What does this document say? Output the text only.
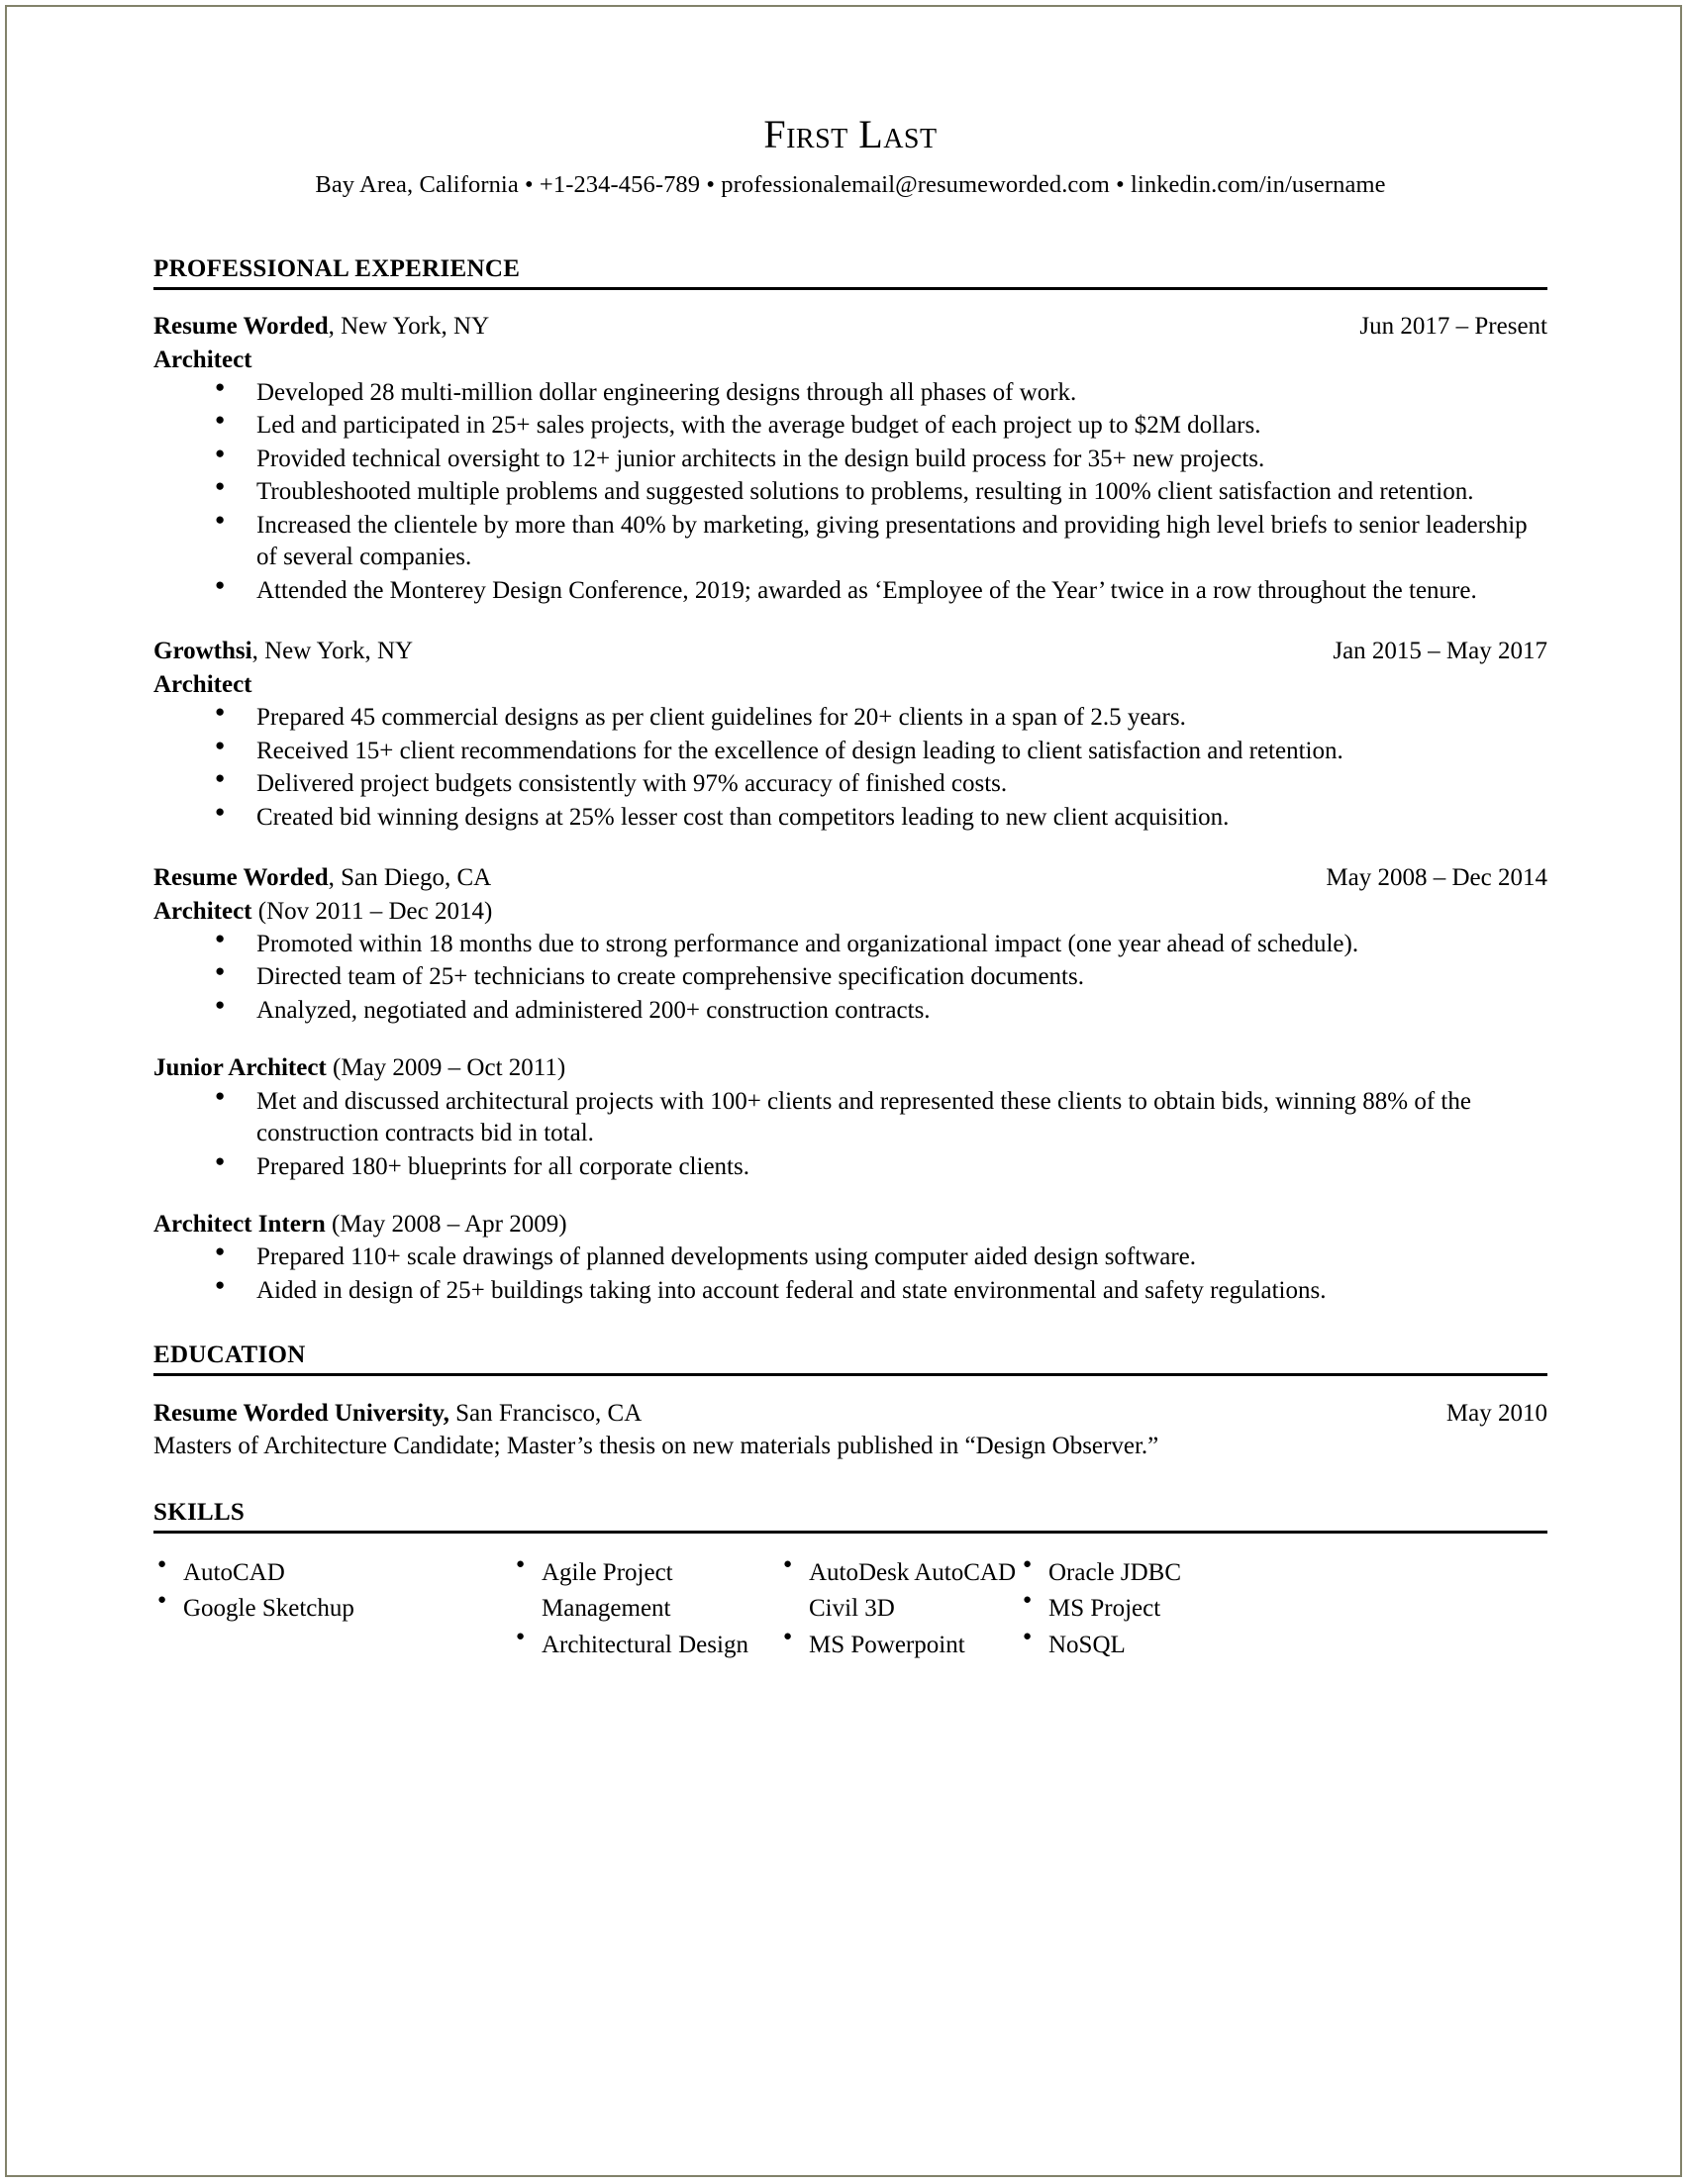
First Last
Bay Area, California • +1-234-456-789 • professionalemail@resumeworded.com • linkedin.com/in/username
PROFESSIONAL EXPERIENCE
Resume Worded, New York, NY	Jun 2017 – Present
Architect
● Developed 28 multi-million dollar engineering designs through all phases of work.
● Led and participated in 25+ sales projects, with the average budget of each project up to $2M dollars.
● Provided technical oversight to 12+ junior architects in the design build process for 35+ new projects.
● Troubleshooted multiple problems and suggested solutions to problems, resulting in 100% client satisfaction and retention.
● Increased the clientele by more than 40% by marketing, giving presentations and providing high level briefs to senior leadership of several companies.
● Attended the Monterey Design Conference, 2019; awarded as ‘Employee of the Year’ twice in a row throughout the tenure.
Growthsi, New York, NY	Jan 2015 – May 2017
Architect
● Prepared 45 commercial designs as per client guidelines for 20+ clients in a span of 2.5 years.
● Received 15+ client recommendations for the excellence of design leading to client satisfaction and retention.
● Delivered project budgets consistently with 97% accuracy of finished costs.
● Created bid winning designs at 25% lesser cost than competitors leading to new client acquisition.
Resume Worded, San Diego, CA	May 2008 – Dec 2014
Architect (Nov 2011 – Dec 2014)
● Promoted within 18 months due to strong performance and organizational impact (one year ahead of schedule).
● Directed team of 25+ technicians to create comprehensive specification documents.
● Analyzed, negotiated and administered 200+ construction contracts.
Junior Architect (May 2009 – Oct 2011)
● Met and discussed architectural projects with 100+ clients and represented these clients to obtain bids, winning 88% of the construction contracts bid in total.
● Prepared 180+ blueprints for all corporate clients.
Architect Intern (May 2008 – Apr 2009)
● Prepared 110+ scale drawings of planned developments using computer aided design software.
● Aided in design of 25+ buildings taking into account federal and state environmental and safety regulations.
EDUCATION
Resume Worded University, San Francisco, CA	May 2010
Masters of Architecture Candidate; Master’s thesis on new materials published in “Design Observer.”
SKILLS
● AutoCAD
● Google Sketchup
● Agile Project
Management
● Architectural Design
● AutoDesk AutoCAD
Civil 3D
● MS Powerpoint
● Oracle JDBC
● MS Project
● NoSQL
